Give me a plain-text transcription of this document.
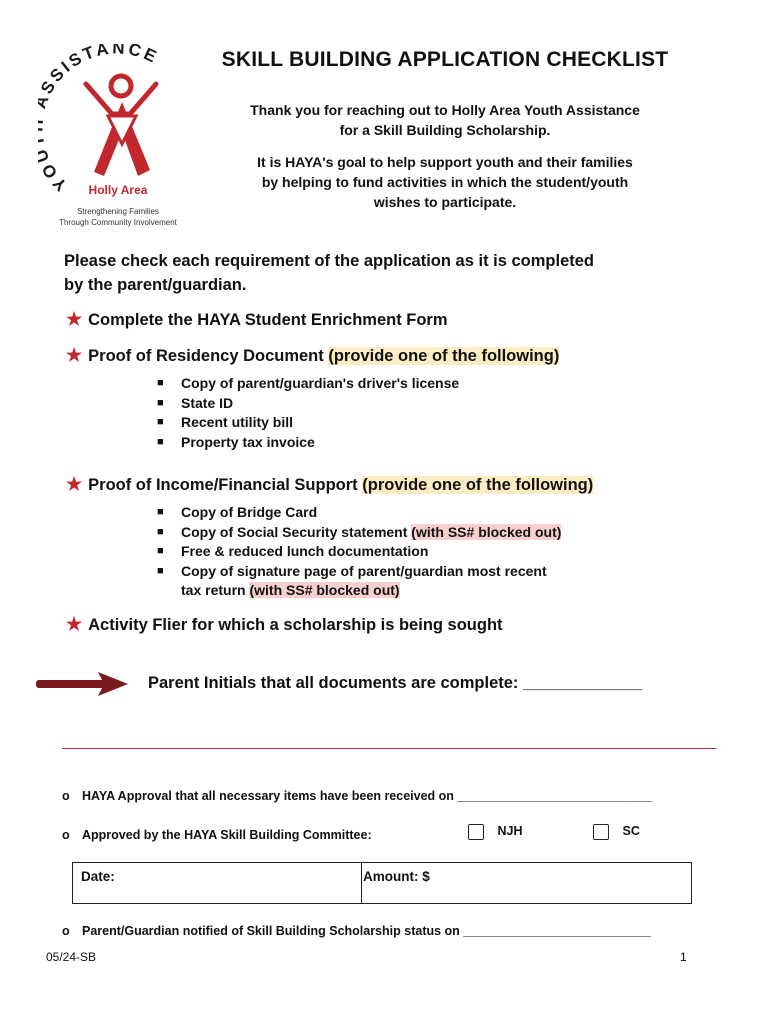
YO SSISTANCE
Holly Area
Strengthening Families
Through Community Involvement
SKILL BUILDING APPLICATION CHECKLIST
Thank you for reaching out to Holly Area Youth Assistance
for a Skill Building Scholarship.
It is HAYA's goal to help support youth and their families
by helping to fund activities in which the student/youth
wishes to participate.
Please check each requirement of the application as it is completed
by the parent/guardian.
★ Complete the HAYA Student Enrichment Form
★ Proof of Residency Document (provide one of the following)
■ Copy of parent/guardian's driver's license
■ State ID
■ Recent utility bill
■ Property tax invoice
★ Proof of Income/Financial Support (provide one of the following)
■ Copy of Bridge Card
■ Copy of Social Security statement (with SS# blocked out)
■ Free & reduced lunch documentation
■ Copy of signature page of parent/guardian most recent
tax return (with SS# blocked out)
★ Activity Flier for which a scholarship is being sought
Parent Initials that all documents are complete: _____________
o HAYA Approval that all necessary items have been received on ____________________________
o Approved by the HAYA Skill Building Committee:	NJH	SC
Date:	Amount: $
o Parent/Guardian notified of Skill Building Scholarship status on ___________________________
05/24-SB	1
